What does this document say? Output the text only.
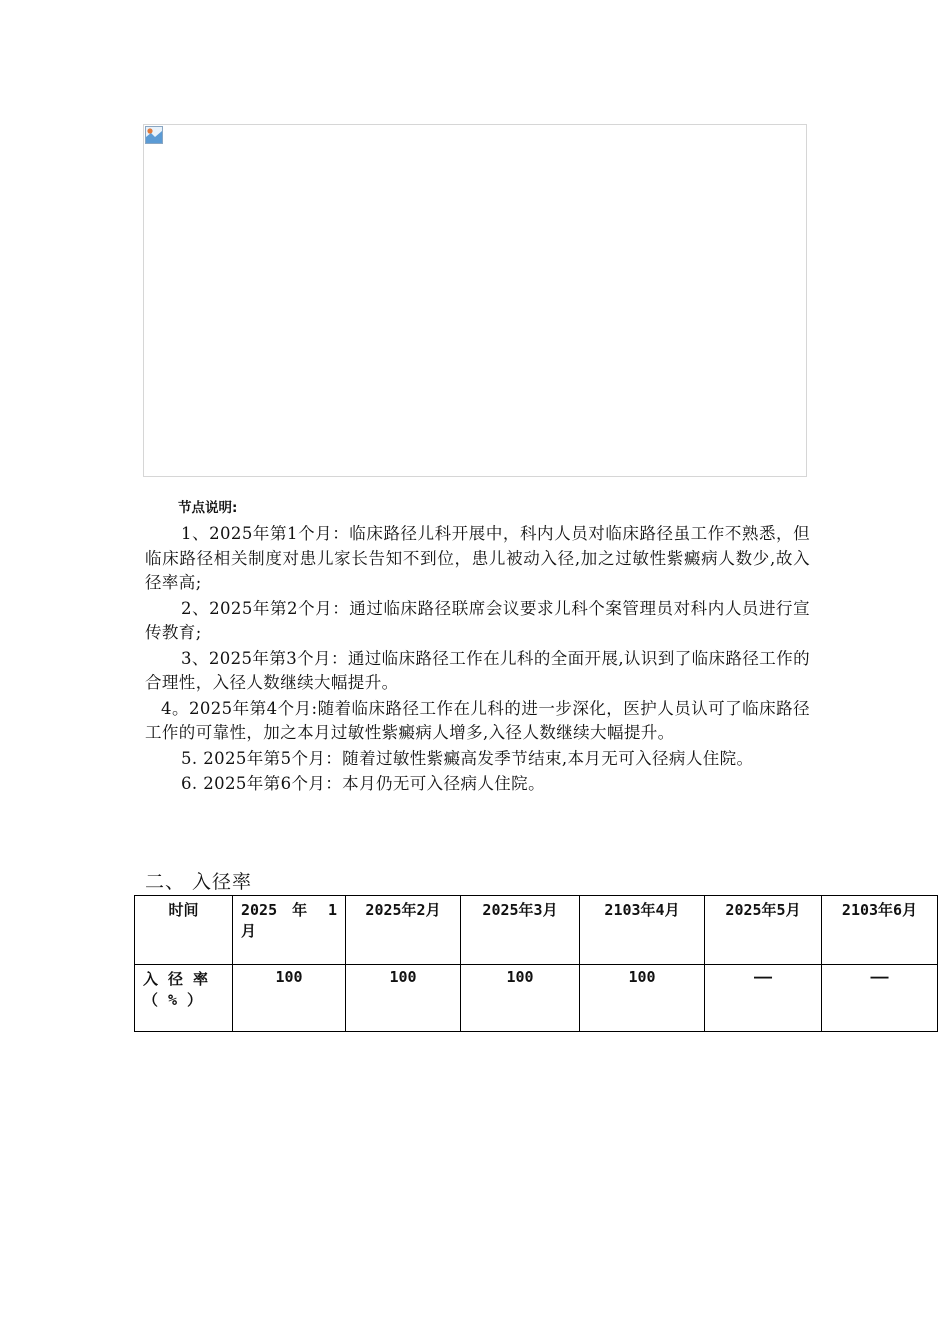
节点说明:

1、2025年第1个月：临床路径儿科开展中，科内人员对临床路径虽工作不熟悉，但临床路径相关制度对患儿家长告知不到位，患儿被动入径,加之过敏性紫癜病人数少,故入径率高;

2、2025年第2个月：通过临床路径联席会议要求儿科个案管理员对科内人员进行宣传教育;

3、2025年第3个月：通过临床路径工作在儿科的全面开展,认识到了临床路径工作的合理性，入径人数继续大幅提升。

4。2025年第4个月:随着临床路径工作在儿科的进一步深化，医护人员认可了临床路径工作的可靠性，加之本月过敏性紫癜病人增多,入径人数继续大幅提升。

5. 2025年第5个月：随着过敏性紫癜高发季节结束,本月无可入径病人住院。

6. 2025年第6个月：本月仍无可入径病人住院。

二、 入径率
时间	2025 年 1 月	2025年2月	2025年3月	2103年4月	2025年5月	2103年6月
入径率（%）	100	100	100	100	——	——
